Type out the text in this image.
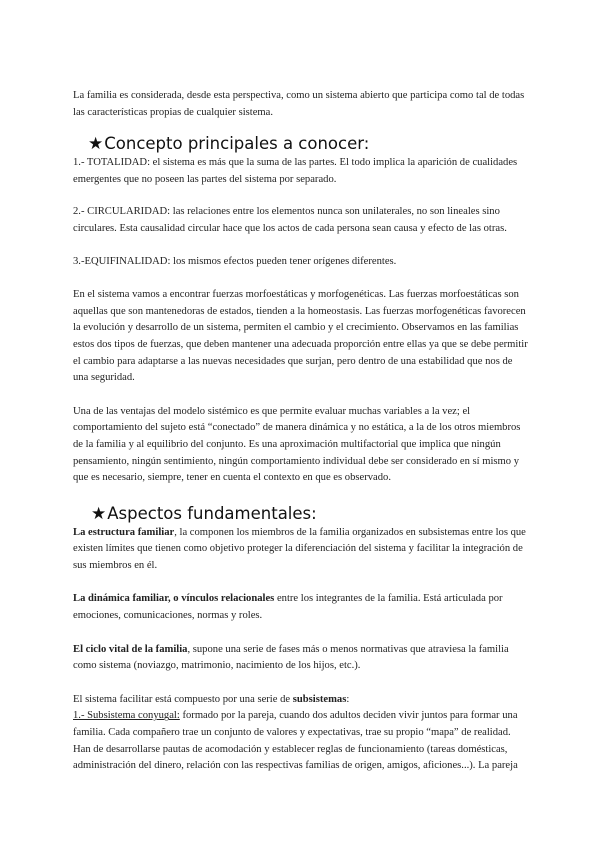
La familia es considerada, desde esta perspectiva, como un sistema abierto que participa como tal de todas las características propias de cualquier sistema.

★Concepto principales a conocer:

1.- TOTALIDAD: el sistema es más que la suma de las partes. El todo implica la aparición de cualidades emergentes que no poseen las partes del sistema por separado.

2.- CIRCULARIDAD: las relaciones entre los elementos nunca son unilaterales, no son lineales sino circulares. Esta causalidad circular hace que los actos de cada persona sean causa y efecto de las otras.

3.-EQUIFINALIDAD: los mismos efectos pueden tener orígenes diferentes.

En el sistema vamos a encontrar fuerzas morfoestáticas y morfogenéticas. Las fuerzas morfoestáticas son aquellas que son mantenedoras de estados, tienden a la homeostasis. Las fuerzas morfogenéticas favorecen la evolución y desarrollo de un sistema, permiten el cambio y el crecimiento. Observamos en las familias estos dos tipos de fuerzas, que deben mantener una adecuada proporción entre ellas ya que se debe permitir el cambio para adaptarse a las nuevas necesidades que surjan, pero dentro de una estabilidad que nos de una seguridad.

Una de las ventajas del modelo sistémico es que permite evaluar muchas variables a la vez; el comportamiento del sujeto está “conectado” de manera dinámica y no estática, a la de los otros miembros de la familia y al equilibrio del conjunto. Es una aproximación multifactorial que implica que ningún pensamiento, ningún sentimiento, ningún comportamiento individual debe ser considerado en sí mismo y que es necesario, siempre, tener en cuenta el contexto en que es observado.

★Aspectos fundamentales:

La estructura familiar, la componen los miembros de la familia organizados en subsistemas entre los que existen límites que tienen como objetivo proteger la diferenciación del sistema y facilitar la integración de sus miembros en él.

La dinámica familiar, o vínculos relacionales entre los integrantes de la familia. Está articulada por emociones, comunicaciones, normas y roles.

El ciclo vital de la familia, supone una serie de fases más o menos normativas que atraviesa la familia como sistema (noviazgo, matrimonio, nacimiento de los hijos, etc.).

El sistema facilitar está compuesto por una serie de subsistemas:

1.- Subsistema conyugal: formado por la pareja, cuando dos adultos deciden vivir juntos para formar una familia. Cada compañero trae un conjunto de valores y expectativas, trae su propio “mapa” de realidad. Han de desarrollarse pautas de acomodación y establecer reglas de funcionamiento (tareas domésticas, administración del dinero, relación con las respectivas familias de origen, amigos, aficiones...). La pareja
